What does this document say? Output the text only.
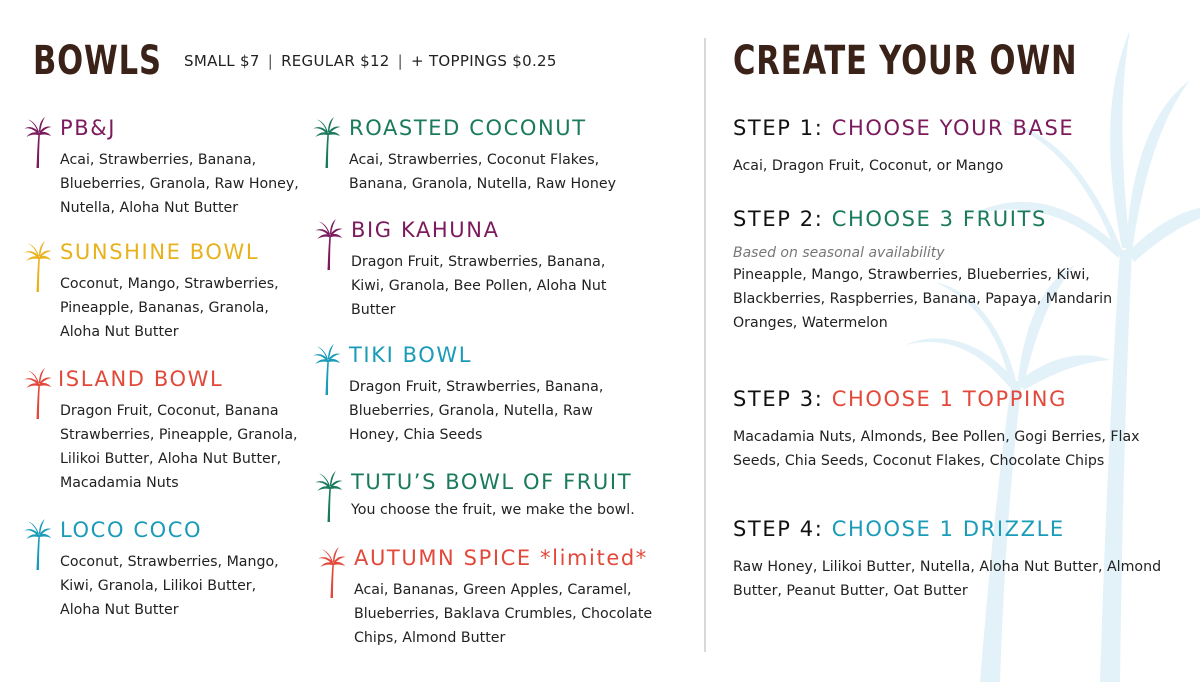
BOWLS SMALL $7 | REGULAR $12 | + TOPPINGS $0.25
PB&J
Acai, Strawberries, Banana, Blueberries, Granola, Raw Honey, Nutella, Aloha Nut Butter
SUNSHINE BOWL
Coconut, Mango, Strawberries, Pineapple, Bananas, Granola, Aloha Nut Butter
ISLAND BOWL
Dragon Fruit, Coconut, Banana Strawberries, Pineapple, Granola, Lilikoi Butter, Aloha Nut Butter, Macadamia Nuts
LOCO COCO
Coconut, Strawberries, Mango, Kiwi, Granola, Lilikoi Butter, Aloha Nut Butter
ROASTED COCONUT
Acai, Strawberries, Coconut Flakes, Banana, Granola, Nutella, Raw Honey
BIG KAHUNA
Dragon Fruit, Strawberries, Banana, Kiwi, Granola, Bee Pollen, Aloha Nut Butter
TIKI BOWL
Dragon Fruit, Strawberries, Banana, Blueberries, Granola, Nutella, Raw Honey, Chia Seeds
TUTU’S BOWL OF FRUIT
You choose the fruit, we make the bowl.
AUTUMN SPICE *limited*
Acai, Bananas, Green Apples, Caramel, Blueberries, Baklava Crumbles, Chocolate Chips, Almond Butter
CREATE YOUR OWN
STEP 1: CHOOSE YOUR BASE
Acai, Dragon Fruit, Coconut, or Mango
STEP 2: CHOOSE 3 FRUITS
Based on seasonal availability
Pineapple, Mango, Strawberries, Blueberries, Kiwi, Blackberries, Raspberries, Banana, Papaya, Mandarin Oranges, Watermelon
STEP 3: CHOOSE 1 TOPPING
Macadamia Nuts, Almonds, Bee Pollen, Gogi Berries, Flax Seeds, Chia Seeds, Coconut Flakes, Chocolate Chips
STEP 4: CHOOSE 1 DRIZZLE
Raw Honey, Lilikoi Butter, Nutella, Aloha Nut Butter, Almond Butter, Peanut Butter, Oat Butter
